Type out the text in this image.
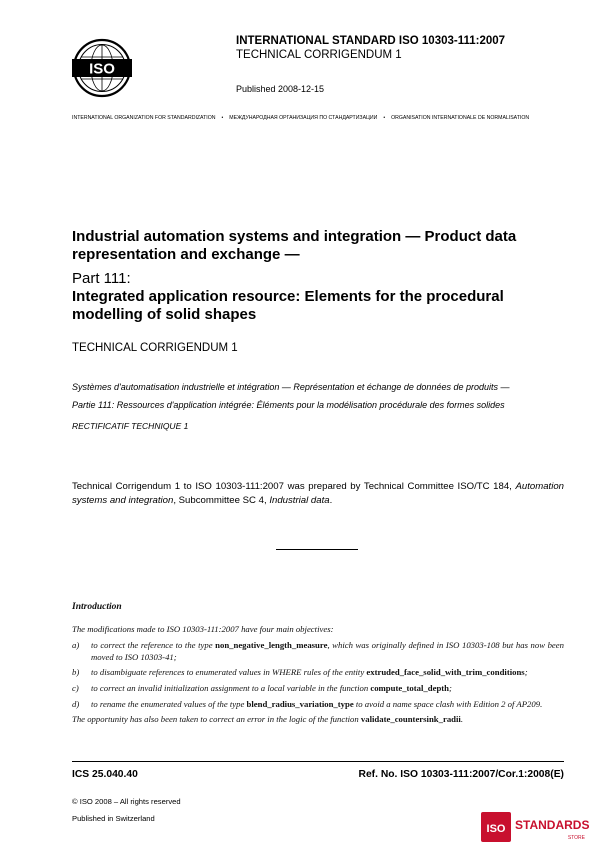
ISO
INTERNATIONAL STANDARD ISO 10303-111:2007
TECHNICAL CORRIGENDUM 1
Published 2008-12-15
INTERNATIONAL ORGANIZATION FOR STANDARDIZATION • МЕЖДУНАРОДНАЯ ОРГАНИЗАЦИЯ ПО СТАНДАРТИЗАЦИИ • ORGANISATION INTERNATIONALE DE NORMALISATION
Industrial automation systems and integration — Product data representation and exchange —
Part 111:
Integrated application resource: Elements for the procedural modelling of solid shapes
TECHNICAL CORRIGENDUM 1

Systèmes d'automatisation industrielle et intégration — Représentation et échange de données de produits —

Partie 111: Ressources d'application intégrée: Éléments pour la modélisation procédurale des formes solides

RECTIFICATIF TECHNIQUE 1

Technical Corrigendum 1 to ISO 10303-111:2007 was prepared by Technical Committee ISO/TC 184, Automation systems and integration, Subcommittee SC 4, Industrial data.
Introduction

The modifications made to ISO 10303-111:2007 have four main objectives:

a) to correct the reference to the type non_negative_length_measure, which was originally defined in ISO 10303-108 but has now been moved to ISO 10303-41;
b) to disambiguate references to enumerated values in WHERE rules of the entity extruded_face_solid_with_trim_conditions;
c) to correct an invalid initialization assignment to a local variable in the function compute_total_depth;
d) to rename the enumerated values of the type blend_radius_variation_type to avoid a name space clash with Edition 2 of AP209.
The opportunity has also been taken to correct an error in the logic of the function validate_countersink_radii.
ICS 25.040.40	Ref. No. ISO 10303-111:2007/Cor.1:2008(E)
© ISO 2008 – All rights reserved
Published in Switzerland
ISO STANDARDS
STORE
